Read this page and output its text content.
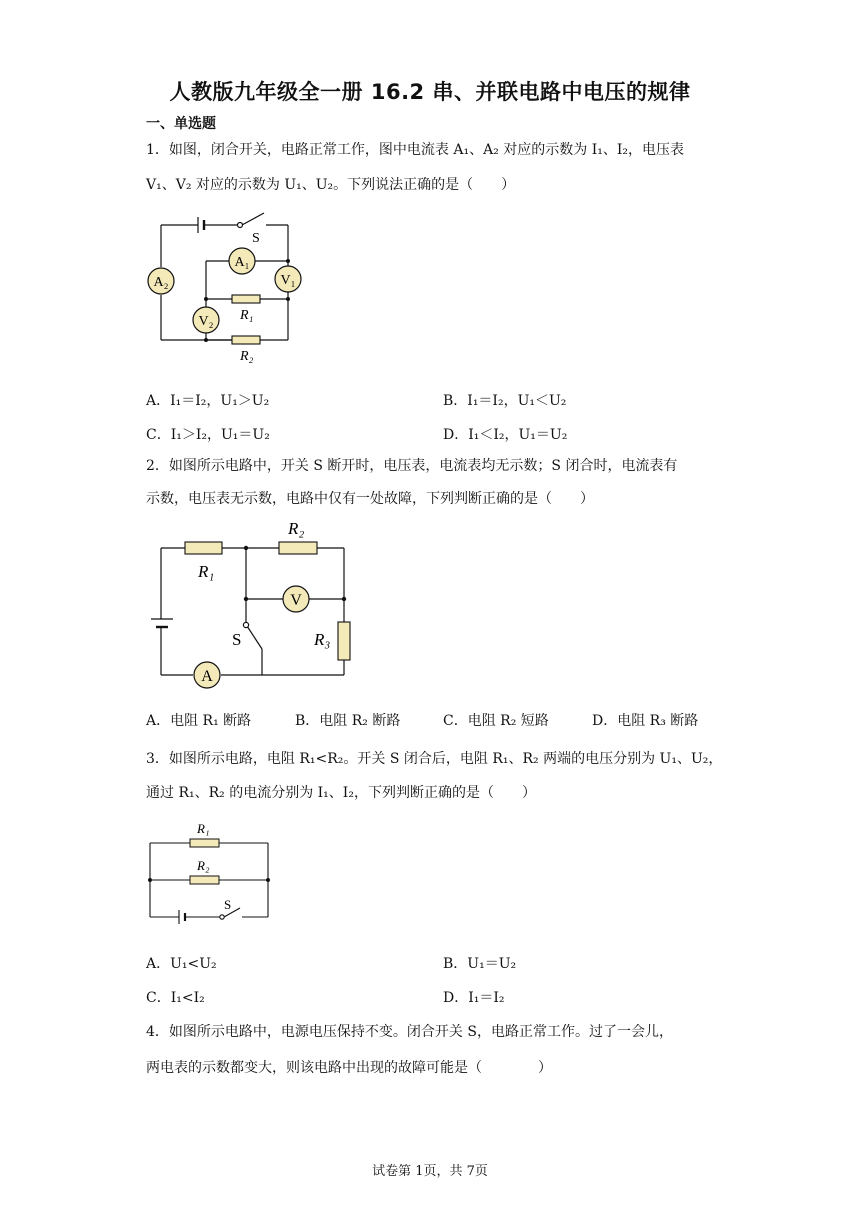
人教版九年级全一册 16.2 串、并联电路中电压的规律
一、单选题
1．如图，闭合开关，电路正常工作，图中电流表 A₁、A₂ 对应的示数为 I₁、I₂，电压表
V₁、V₂ 对应的示数为 U₁、U₂。下列说法正确的是（　　）
A₂
A₁
V₁
V₂
S
R₁
R₂
A．I₁＝I₂，U₁＞U₂	B．I₁＝I₂，U₁＜U₂
C．I₁＞I₂，U₁＝U₂	D．I₁＜I₂，U₁＝U₂
2．如图所示电路中，开关 S 断开时，电压表，电流表均无示数；S 闭合时，电流表有
示数，电压表无示数，电路中仅有一处故障，下列判断正确的是（　　）
V
A
R₁
R₂
R₃
S
A．电阻 R₁ 断路	B．电阻 R₂ 断路	C．电阻 R₂ 短路	D．电阻 R₃ 断路
3．如图所示电路，电阻 R₁<R₂。开关 S 闭合后，电阻 R₁、R₂ 两端的电压分别为 U₁、U₂，
通过 R₁、R₂ 的电流分别为 I₁、I₂，下列判断正确的是（　　）
R₁
R₂
S
A．U₁<U₂	B．U₁＝U₂
C．I₁<I₂	D．I₁＝I₂
4．如图所示电路中，电源电压保持不变。闭合开关 S，电路正常工作。过了一会儿，
两电表的示数都变大，则该电路中出现的故障可能是（　　　　）
试卷第 1页，共 7页
